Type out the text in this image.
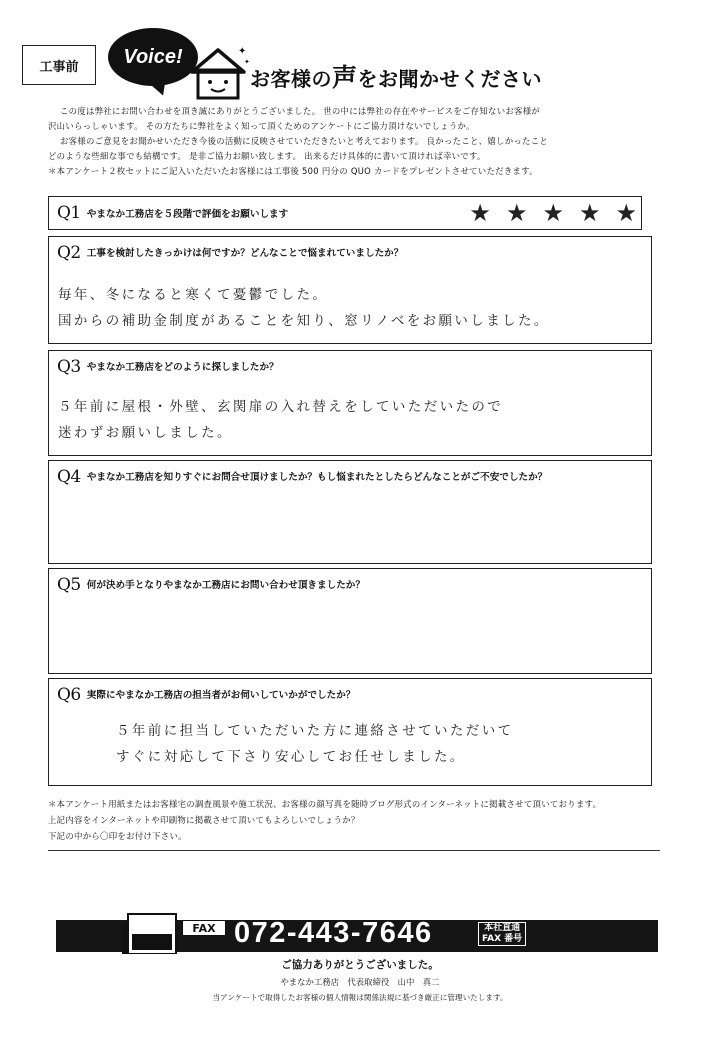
工事前	Voice!	✦
✦
お客様の声をお聞かせください

この度は弊社にお問い合わせを頂き誠にありがとうございました。 世の中には弊社の存在やサービスをご存知ないお客様が

沢山いらっしゃいます。 その方たちに弊社をよく知って頂くためのアンケートにご協力頂けないでしょうか。

お客様のご意見をお聞かせいただき今後の活動に反映させていただきたいと考えております。 良かったこと、嬉しかったこと

どのような些細な事でも結構です。 是非ご協力お願い致します。 出来るだけ具体的に書いて頂ければ幸いです。

＊本アンケート２枚セットにご記入いただいたお客様には工事後 500 円分の QUO カードをプレゼントさせていただきます。

Q1 やまなか工務店を５段階で評価をお願いします	★ ★ ★ ★ ★
Q2 工事を検討したきっかけは何ですか？どんなことで悩まれていましたか？
毎年、冬になると寒くて憂鬱でした。
国からの補助金制度があることを知り、窓リノベをお願いしました。
Q3 やまなか工務店をどのように探しましたか？
５年前に屋根・外壁、玄関扉の入れ替えをしていただいたので
迷わずお願いしました。
Q4 やまなか工務店を知りすぐにお問合せ頂けましたか？もし悩まれたとしたらどんなことがご不安でしたか？
Q5 何が決め手となりやまなか工務店にお問い合わせ頂きましたか？
Q6 実際にやまなか工務店の担当者がお伺いしていかがでしたか？
５年前に担当していただいた方に連絡させていただいて
すぐに対応して下さり安心してお任せしました。

＊本アンケート用紙またはお客様宅の調査風景や施工状況、お客様の顔写真を随時ブログ形式のインターネットに掲載させて頂いております。

上記内容をインターネットや印刷物に掲載させて頂いてもよろしいでしょうか？

下記の中から〇印をお付け下さい。

FAX 072-443-7646	本社直通
FAX 番号
ご協力ありがとうございました。
やまなか工務店　代表取締役　山中　真二
当アンケートで取得したお客様の個人情報は関係法規に基づき厳正に管理いたします。
